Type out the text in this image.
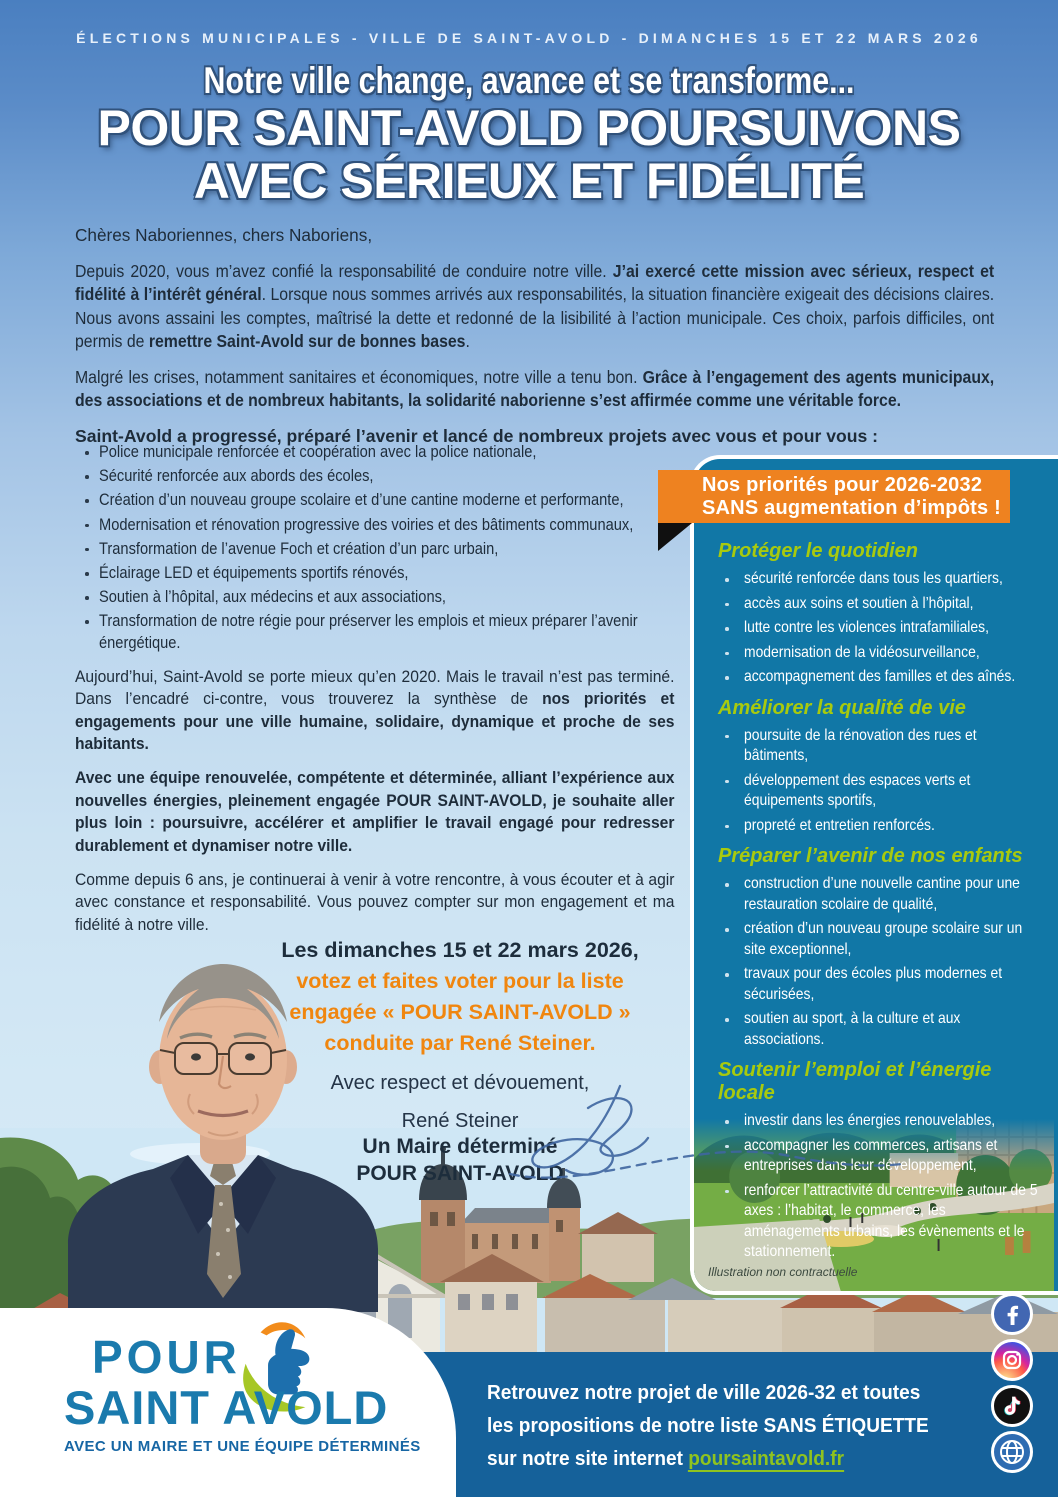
ÉLECTIONS MUNICIPALES - VILLE DE SAINT-AVOLD - DIMANCHES 15 ET 22 MARS 2026
Notre ville change, avance et se transforme...
POUR SAINT-AVOLD POURSUIVONS
AVEC SÉRIEUX ET FIDÉLITÉ

Chères Naboriennes, chers Naboriens,

Depuis 2020, vous m’avez confié la responsabilité de conduire notre ville. J’ai exercé cette mission avec sérieux, respect et fidélité à l’intérêt général. Lorsque nous sommes arrivés aux responsabilités, la situation financière exigeait des décisions claires. Nous avons assaini les comptes, maîtrisé la dette et redonné de la lisibilité à l’action municipale. Ces choix, parfois difficiles, ont permis de remettre Saint-Avold sur de bonnes bases.

Malgré les crises, notamment sanitaires et économiques, notre ville a tenu bon. Grâce à l’engagement des agents municipaux, des associations et de nombreux habitants, la solidarité naborienne s’est affirmée comme une véritable force.

Saint-Avold a progressé, préparé l’avenir et lancé de nombreux projets avec vous et pour vous :

Police municipale renforcée et coopération avec la police nationale,
Sécurité renforcée aux abords des écoles,
Création d’un nouveau groupe scolaire et d’une cantine moderne et performante,
Modernisation et rénovation progressive des voiries et des bâtiments communaux,
Transformation de l’avenue Foch et création d’un parc urbain,
Éclairage LED et équipements sportifs rénovés,
Soutien à l’hôpital, aux médecins et aux associations,
Transformation de notre régie pour préserver les emplois et mieux préparer l’avenir énergétique.

Aujourd’hui, Saint-Avold se porte mieux qu’en 2020. Mais le travail n’est pas terminé. Dans l’encadré ci-contre, vous trouverez la synthèse de nos priorités et engagements pour une ville humaine, solidaire, dynamique et proche de ses habitants.

Avec une équipe renouvelée, compétente et déterminée, alliant l’expérience aux nouvelles énergies, pleinement engagée POUR SAINT-AVOLD, je souhaite aller plus loin : poursuivre, accélérer et amplifier le travail engagé pour redresser durablement et dynamiser notre ville.

Comme depuis 6 ans, je continuerai à venir à votre rencontre, à vous écouter et à agir avec constance et responsabilité. Vous pouvez compter sur mon engagement et ma fidélité à notre ville.

Protéger le quotidien
sécurité renforcée dans tous les quartiers,
accès aux soins et soutien à l’hôpital,
lutte contre les violences intrafamiliales,
modernisation de la vidéosurveillance,
accompagnement des familles et des aînés.
Améliorer la qualité de vie
poursuite de la rénovation des rues et bâtiments,
développement des espaces verts et équipements sportifs,
propreté et entretien renforcés.
Préparer l’avenir de nos enfants
construction d’une nouvelle cantine pour une restauration scolaire de qualité,
création d’un nouveau groupe scolaire sur un site exceptionnel,
travaux pour des écoles plus modernes et sécurisées,
soutien au sport, à la culture et aux associations.
Soutenir l’emploi et l’énergie locale
investir dans les énergies renouvelables,
accompagner les commerces, artisans et entreprises dans leur développement,
renforcer l’attractivité du centre-ville autour de 5 axes : l’habitat, le commerce, les aménagements urbains, les évènements et le stationnement.
Illustration non contractuelle
Nos priorités pour 2026-2032
SANS augmentation d’impôts !
Les dimanches 15 et 22 mars 2026,
votez et faites voter pour la liste
engagée « POUR SAINT-AVOLD »
conduite par René Steiner.
Avec respect et dévouement,
René Steiner
Un Maire déterminé
POUR SAINT-AVOLD
Retrouvez notre projet de ville 2026-32 et toutes
les propositions de notre liste SANS ÉTIQUETTE
sur notre site internet poursaintavold.fr
POUR
SAINT AVOLD
AVEC UN MAIRE ET UNE ÉQUIPE DÉTERMINÉS
